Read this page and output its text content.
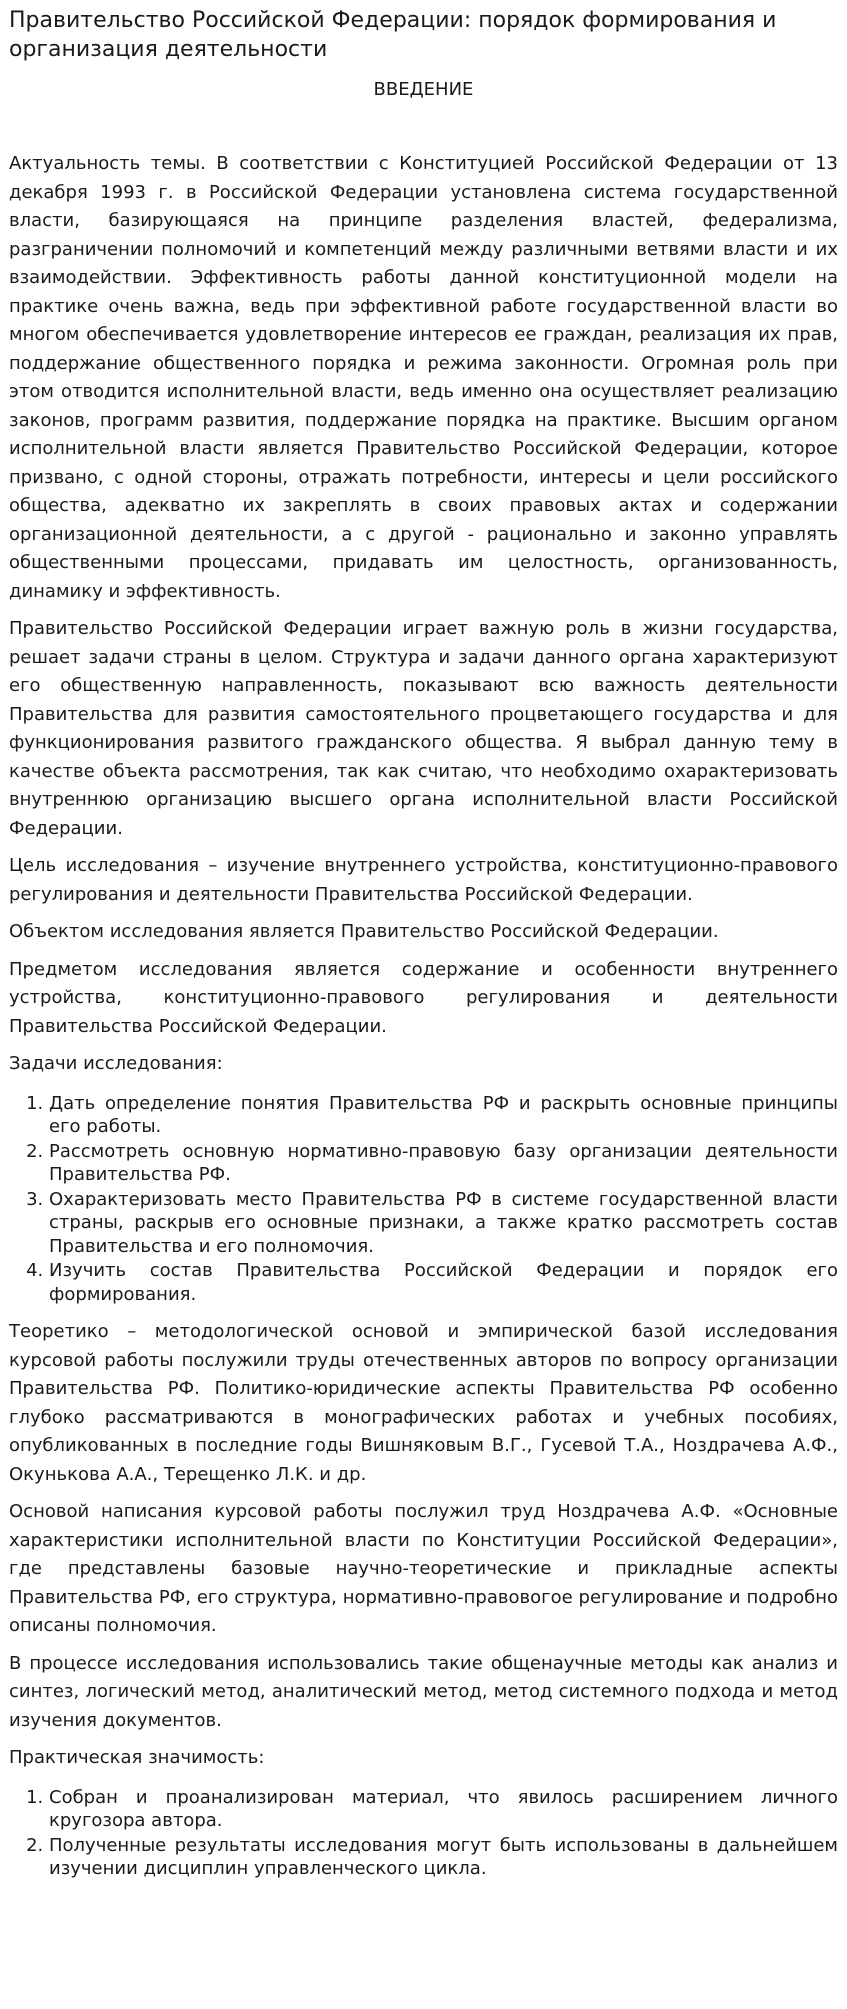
Правительство Российской Федерации: порядок формирования и организация деятельности
ВВЕДЕНИЕ

Актуальность темы. В соответствии с Конституцией Российской Федерации от 13 декабря 1993 г. в Российской Федерации установлена система государственной власти, базирующаяся на принципе разделения властей, федерализма, разграничении полномочий и компетенций между различными ветвями власти и их взаимодействии. Эффективность работы данной конституционной модели на практике очень важна, ведь при эффективной работе государственной власти во многом обеспечивается удовлетворение интересов ее граждан, реализация их прав, поддержание общественного порядка и режима законности. Огромная роль при этом отводится исполнительной власти, ведь именно она осуществляет реализацию законов, программ развития, поддержание порядка на практике. Высшим органом исполнительной власти является Правительство Российской Федерации, которое призвано, с одной стороны, отражать потребности, интересы и цели российского общества, адекватно их закреплять в своих правовых актах и содержании организационной деятельности, а с другой - рационально и законно управлять общественными процессами, придавать им целостность, организованность, динамику и эффективность.

Правительство Российской Федерации играет важную роль в жизни государства, решает задачи страны в целом. Структура и задачи данного органа характеризуют его общественную направленность, показывают всю важность деятельности Правительства для развития самостоятельного процветающего государства и для функционирования развитого гражданского общества. Я выбрал данную тему в качестве объекта рассмотрения, так как считаю, что необходимо охарактеризовать внутреннюю организацию высшего органа исполнительной власти Российской Федерации.

Цель исследования – изучение внутреннего устройства, конституционно-правового регулирования и деятельности Правительства Российской Федерации.

Объектом исследования является Правительство Российской Федерации.

Предметом исследования является содержание и особенности внутреннего устройства, конституционно-правового регулирования и деятельности Правительства Российской Федерации.

Задачи исследования:

1. Дать определение понятия Правительства РФ и раскрыть основные принципы его работы.
2. Рассмотреть основную нормативно-правовую базу организации деятельности Правительства РФ.
3. Охарактеризовать место Правительства РФ в системе государственной власти страны, раскрыв его основные признаки, а также кратко рассмотреть состав Правительства и его полномочия.
4. Изучить состав Правительства Российской Федерации и порядок его формирования.

Теоретико – методологической основой и эмпирической базой исследования курсовой работы послужили труды отечественных авторов по вопросу организации Правительства РФ. Политико-юридические аспекты Правительства РФ особенно глубоко рассматриваются в монографических работах и учебных пособиях, опубликованных в последние годы Вишняковым В.Г., Гусевой Т.А., Ноздрачева А.Ф., Окунькова А.А., Терещенко Л.К. и др.

Основой написания курсовой работы послужил труд Ноздрачева А.Ф. «Основные характеристики исполнительной власти по Конституции Российской Федерации», где представлены базовые научно-теоретические и прикладные аспекты Правительства РФ, его структура, нормативно-правовогое регулирование и подробно описаны полномочия.

В процессе исследования использовались такие общенаучные методы как анализ и синтез, логический метод, аналитический метод, метод системного подхода и метод изучения документов.

Практическая значимость:

1. Собран и проанализирован материал, что явилось расширением личного кругозора автора.
2. Полученные результаты исследования могут быть использованы в дальнейшем изучении дисциплин управленческого цикла.
